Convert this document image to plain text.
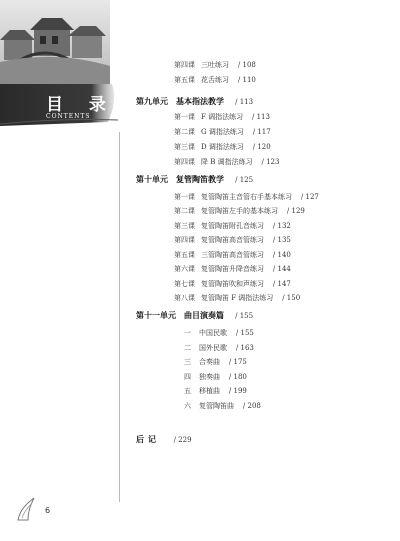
目 录
CONTENTS
第四课 三吐练习 / 108
第五课 花舌练习 / 110
第九单元 基本指法教学 / 113
第一课 F 调指法练习 / 113
第二课 G 调指法练习 / 117
第三课 D 调指法练习 / 120
第四课 降 B 调指法练习 / 123
第十单元 复管陶笛教学 / 125
第一课 复管陶笛主音管右手基本练习 / 127
第二课 复管陶笛左手的基本练习 / 129
第三课 复管陶笛附孔音练习 / 132
第四课 复管陶笛高音管练习 / 135
第五课 三管陶笛高音管练习 / 140
第六课 复管陶笛升降音练习 / 144
第七课 复管陶笛吹和声练习 / 147
第八课 复管陶笛 F 调指法练习 / 150
第十一单元 曲目演奏篇 / 155
一 中国民歌 / 155
二 国外民歌 / 163
三 合奏曲 / 175
四 独奏曲 / 180
五 移植曲 / 199
六 复管陶笛曲 / 208
后记 / 229
6
